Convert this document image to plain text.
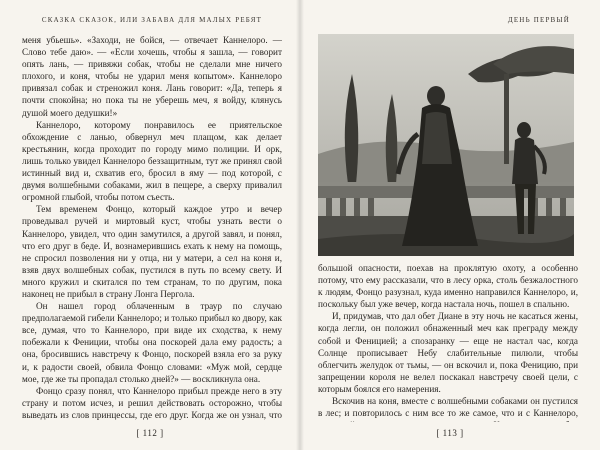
СКАЗКА СКАЗОК, ИЛИ ЗАБАВА ДЛЯ МАЛЫХ РЕБЯТ

меня убьешь». «Заходи, не бойся, — отвечает Каннелоро. — Слово тебе даю». — «Если хочешь, чтобы я зашла, — говорит опять лань, — привяжи собак, чтобы не сделали мне ничего плохого, и коня, чтобы не ударил меня копытом». Каннелоро привязал собак и стреножил коня. Лань говорит: «Да, теперь я почти спокойна; но пока ты не уберешь меч, я войду, клянусь душой моего дедушки!»

Каннелоро, которому понравилось ее приятельское обхождение с ланью, обвернул меч плащом, как делает крестьянин, когда проходит по городу мимо полиции. И орк, лишь только увидел Каннелоро беззащитным, тут же принял свой истинный вид и, схватив его, бросил в яму — под которой, с двумя волшебными собаками, жил в пещере, а сверху привалил огромной глыбой, чтобы потом съесть.

Тем временем Фонцо, который каждое утро и вечер проведывал ручей и миртовый куст, чтобы узнать вести о Каннелоро, увидел, что один замутился, а другой завял, и понял, что его друг в беде. И, вознамерившись ехать к нему на помощь, не спросил позволения ни у отца, ни у матери, а сел на коня и, взяв двух волшебных собак, пустился в путь по всему свету. И много кружил и скитался по тем странам, то по другим, пока наконец не прибыл в страну Лонга Перголa.

Он нашел город облаченным в траур по случаю предполагаемой гибели Каннелоро; и только прибыл ко двору, как все, думая, что то Каннелоро, при виде их сходства, к нему побежали к Фениции, чтобы она поскорей дала ему радость; а она, бросившись навстречу к Фонцо, поскорей взяла его за руку и, к радости своей, обвила Фонцо словами: «Муж мой, сердце мое, где же ты пропадал столько дней?» — воскликнула она.

Фонцо сразу понял, что Каннелоро прибыл прежде него в эту страну и потом исчез, и решил действовать осторожно, чтобы выведать из слов принцессы, где его друг. Когда же он узнал, что

[ 112 ]
ДЕНЬ ПЕРВЫЙ

большой опасности, поехав на проклятую охоту, а особенно потому, что ему рассказали, что в лесу орка, столь безжалостного к людям, Фонцо разузнал, куда именно направился Каннелоро, и, поскольку был уже вечер, когда настала ночь, пошел в спальню.

И, придумав, что дал обет Диане в эту ночь не касаться жены, когда легли, он положил обнаженный меч как преграду между собой и Феницией; а спозаранку — еще не настал час, когда Солнце прописывает Небу слабительные пилюли, чтобы облегчить желудок от тьмы, — он вскочил и, пока Феницию, при запрещении короля не велел поскакал навстречу своей цели, с которым боялся его намерения.

Вскочив на коня, вместе с волшебными собаками он пустился в лес; и повторилось с ним все то же самое, что и с Каннелоро,

[ 113 ]
